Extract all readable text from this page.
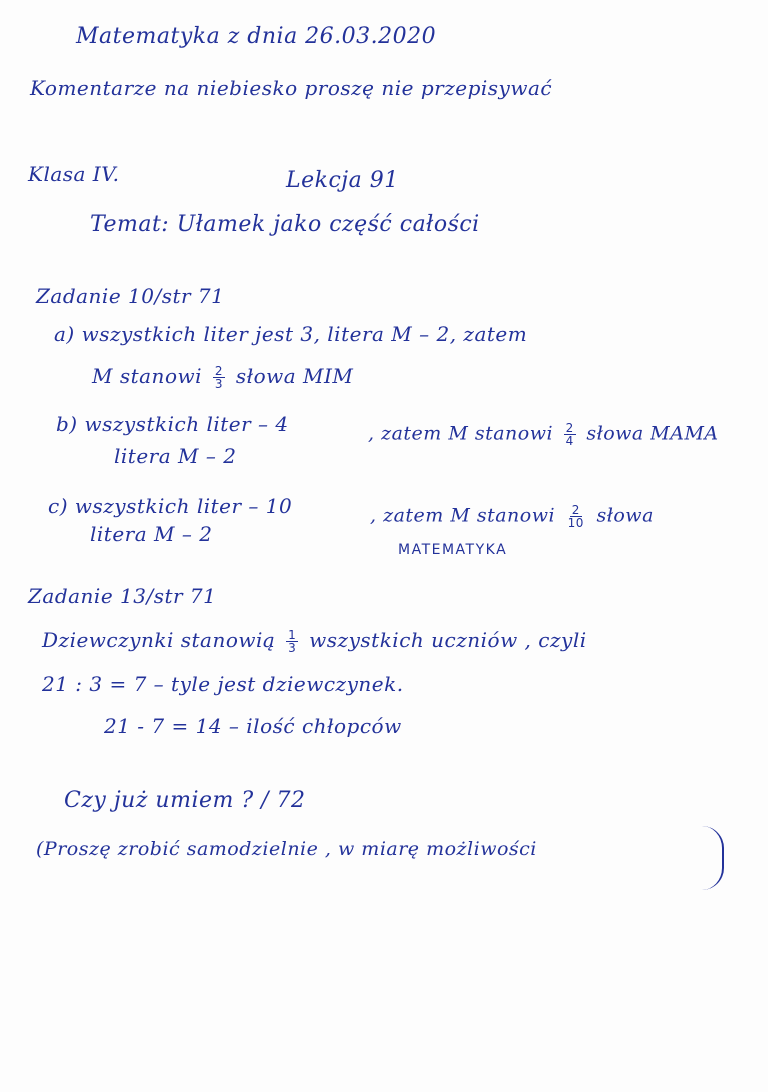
Matematyka z dnia 26.03.2020
Komentarze na niebiesko proszę nie przepisywać
Klasa IV.	Lekcja 91
Temat: Ułamek jako część całości
Zadanie 10/str 71
a) wszystkich liter jest 3, litera M – 2, zatem
M stanowi $\frac{2}{3}$ słowa MIM
b) wszystkich liter – 4
litera M – 2
, zatem M stanowi $\frac{2}{4}$ słowa MAMA
c) wszystkich liter – 10
litera M – 2
, zatem M stanowi $\frac{2}{10}$ słowa
MATEMATYKA
Zadanie 13/str 71
Dziewczynki stanowią $\frac{1}{3}$ wszystkich uczniów , czyli
21 : 3 = 7 – tyle jest dziewczynek.
21 - 7 = 14 – ilość chłopców
Czy już umiem ? / 72
(Proszę zrobić samodzielnie , w miarę możliwości
